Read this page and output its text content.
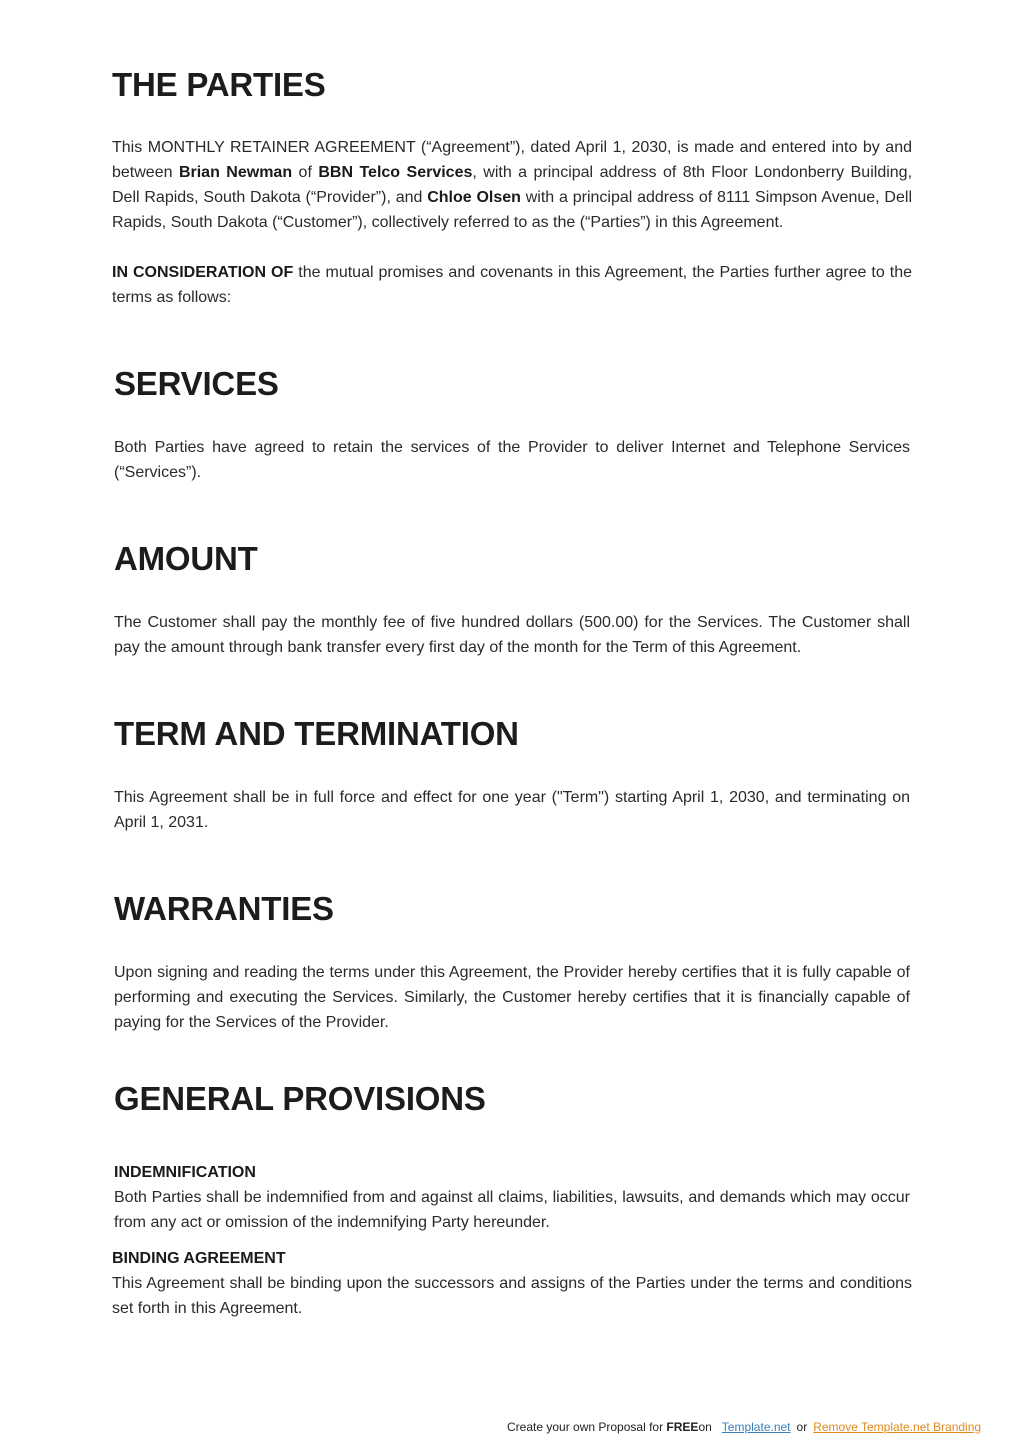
THE PARTIES

This MONTHLY RETAINER AGREEMENT (“Agreement”), dated April 1, 2030, is made and entered into by and between Brian Newman of BBN Telco Services, with a principal address of 8th Floor Londonberry Building, Dell Rapids, South Dakota (“Provider”), and Chloe Olsen with a principal address of 8111 Simpson Avenue, Dell Rapids, South Dakota (“Customer”), collectively referred to as the (“Parties”) in this Agreement.

IN CONSIDERATION OF the mutual promises and covenants in this Agreement, the Parties further agree to the terms as follows:

SERVICES

Both Parties have agreed to retain the services of the Provider to deliver Internet and Telephone Services (“Services”).

AMOUNT

The Customer shall pay the monthly fee of five hundred dollars (500.00) for the Services. The Customer shall pay the amount through bank transfer every first day of the month for the Term of this Agreement.

TERM AND TERMINATION

This Agreement shall be in full force and effect for one year ("Term") starting April 1, 2030, and terminating on April 1, 2031.

WARRANTIES

Upon signing and reading the terms under this Agreement, the Provider hereby certifies that it is fully capable of performing and executing the Services. Similarly, the Customer hereby certifies that it is financially capable of paying for the Services of the Provider.

GENERAL PROVISIONS
INDEMNIFICATION

Both Parties shall be indemnified from and against all claims, liabilities, lawsuits, and demands which may occur from any act or omission of the indemnifying Party hereunder.

BINDING AGREEMENT

This Agreement shall be binding upon the successors and assigns of the Parties under the terms and conditions set forth in this Agreement.

Create your own Proposal for FREEon Template.net or Remove Template.net Branding
